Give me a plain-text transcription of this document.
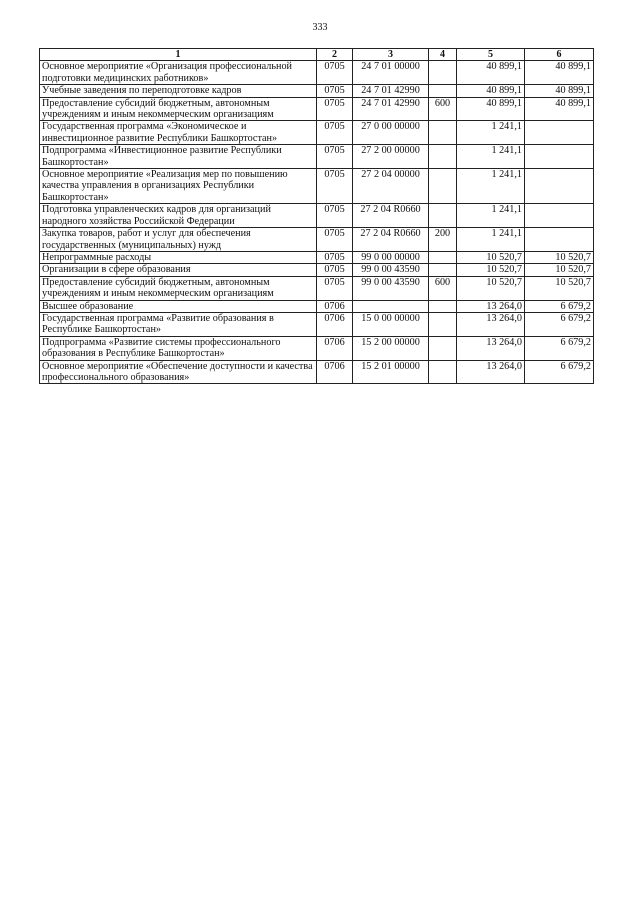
333
1	2	3	4	5	6
Основное мероприятие «Организация профессиональной подготовки медицинских работников»	0705	24 7 01 00000		40 899,1	40 899,1
Учебные заведения по переподготовке кадров	0705	24 7 01 42990		40 899,1	40 899,1
Предоставление субсидий бюджетным, автономным учреждениям и иным некоммерческим организациям	0705	24 7 01 42990	600	40 899,1	40 899,1
Государственная программа «Экономическое и инвестиционное развитие Республики Башкортостан»	0705	27 0 00 00000		1 241,1	
Подпрограмма «Инвестиционное развитие Республики Башкортостан»	0705	27 2 00 00000		1 241,1	
Основное мероприятие «Реализация мер по повышению качества управления в организациях Республики Башкортостан»	0705	27 2 04 00000		1 241,1	
Подготовка управленческих кадров для организаций народного хозяйства Российской Федерации	0705	27 2 04 R0660		1 241,1	
Закупка товаров, работ и услуг для обеспечения государственных (муниципальных) нужд	0705	27 2 04 R0660	200	1 241,1	
Непрограммные расходы	0705	99 0 00 00000		10 520,7	10 520,7
Организации в сфере образования	0705	99 0 00 43590		10 520,7	10 520,7
Предоставление субсидий бюджетным, автономным учреждениям и иным некоммерческим организациям	0705	99 0 00 43590	600	10 520,7	10 520,7
Высшее образование	0706			13 264,0	6 679,2
Государственная программа «Развитие образования в Республике Башкортостан»	0706	15 0 00 00000		13 264,0	6 679,2
Подпрограмма «Развитие системы профессионального образования в Республике Башкортостан»	0706	15 2 00 00000		13 264,0	6 679,2
Основное мероприятие «Обеспечение доступности и качества профессионального образования»	0706	15 2 01 00000		13 264,0	6 679,2
